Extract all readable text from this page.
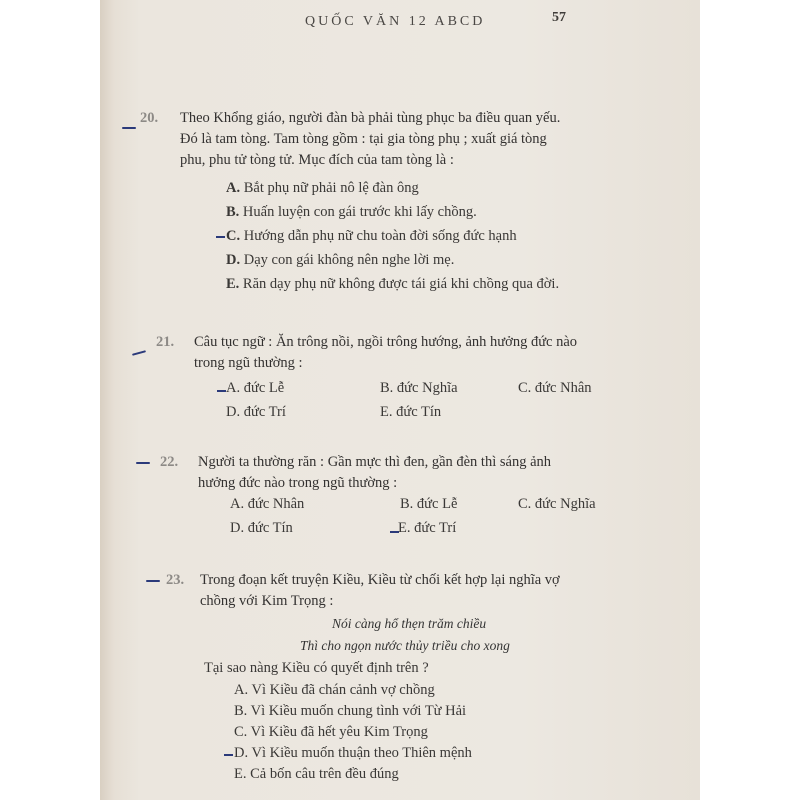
QUỐC VĂN 12 ABCD	57
20. Theo Khổng giáo, người đàn bà phải tùng phục ba điều quan yếu.
Đó là tam tòng. Tam tòng gồm : tại gia tòng phụ ; xuất giá tòng
phu, phu tử tòng tử. Mục đích của tam tòng là :
A. Bắt phụ nữ phải nô lệ đàn ông
B. Huấn luyện con gái trước khi lấy chồng.
C. Hướng dẫn phụ nữ chu toàn đời sống đức hạnh
D. Dạy con gái không nên nghe lời mẹ.
E. Răn dạy phụ nữ không được tái giá khi chồng qua đời.
21. Câu tục ngữ : Ăn trông nồi, ngồi trông hướng, ảnh hưởng đức nào
trong ngũ thường :
A. đức Lễ	B. đức Nghĩa	C. đức Nhân
D. đức Trí	E. đức Tín
22. Người ta thường răn : Gần mực thì đen, gần đèn thì sáng ảnh
hưởng đức nào trong ngũ thường :
A. đức Nhân	B. đức Lễ	C. đức Nghĩa
D. đức Tín	E. đức Trí
23. Trong đoạn kết truyện Kiều, Kiều từ chối kết hợp lại nghĩa vợ
chồng với Kim Trọng :
Nói càng hổ thẹn trăm chiều
Thì cho ngọn nước thủy triều cho xong
Tại sao nàng Kiều có quyết định trên ?
A. Vì Kiều đã chán cảnh vợ chồng
B. Vì Kiều muốn chung tình với Từ Hải
C. Vì Kiều đã hết yêu Kim Trọng
D. Vì Kiều muốn thuận theo Thiên mệnh
E. Cả bốn câu trên đều đúng
